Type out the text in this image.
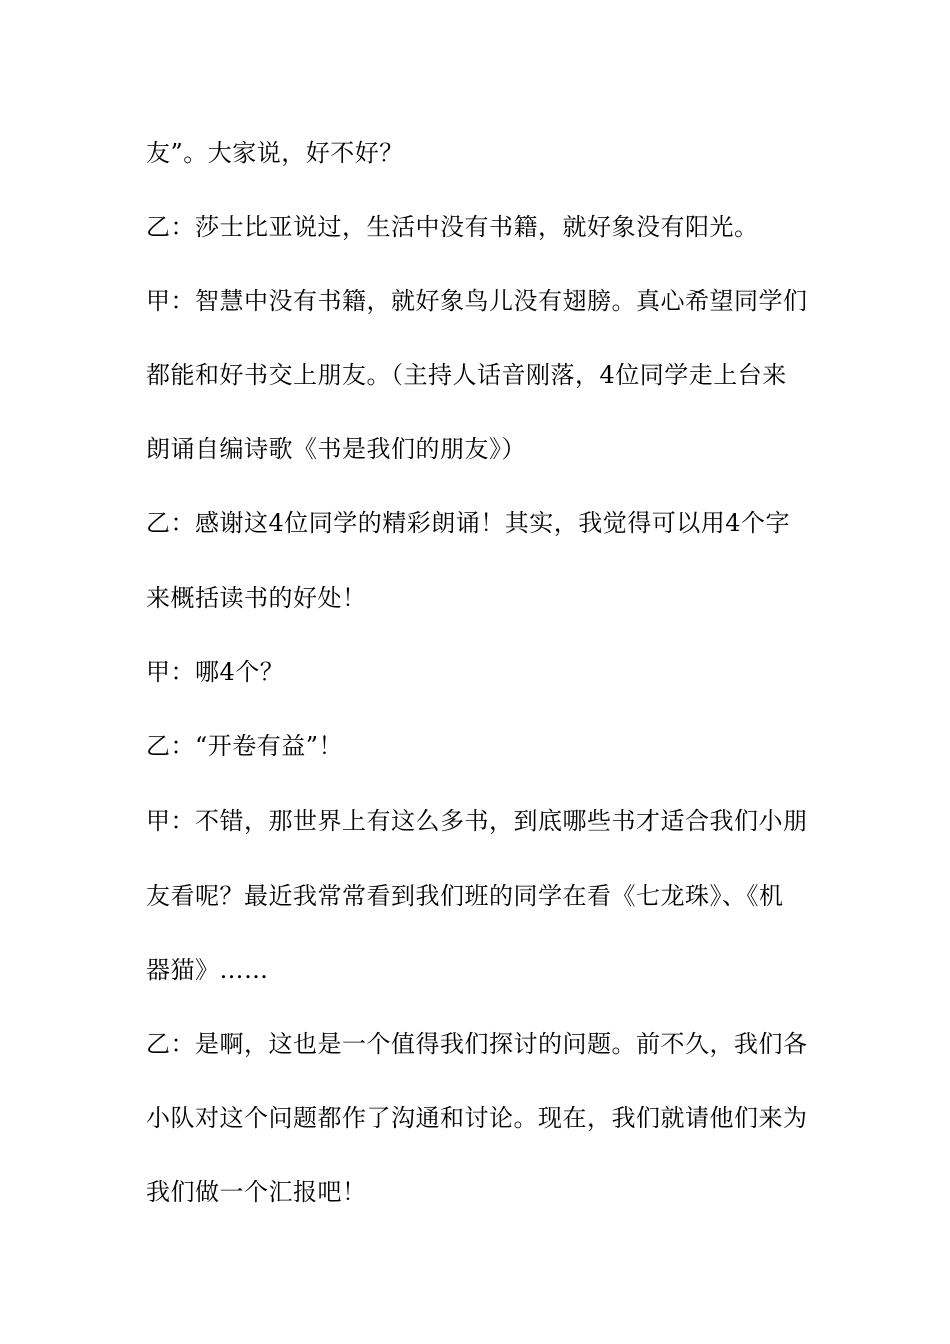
友”。大家说，好不好？
乙：莎士比亚说过，生活中没有书籍，就好象没有阳光。
甲：智慧中没有书籍，就好象鸟儿没有翅膀。真心希望同学们
都能和好书交上朋友。（主持人话音刚落，4位同学走上台来
朗诵自编诗歌《书是我们的朋友》）
乙：感谢这4位同学的精彩朗诵！其实，我觉得可以用4个字
来概括读书的好处！
甲：哪4个？
乙：“开卷有益”！
甲：不错，那世界上有这么多书，到底哪些书才适合我们小朋
友看呢？最近我常常看到我们班的同学在看《七龙珠》、《机
器猫》……
乙：是啊，这也是一个值得我们探讨的问题。前不久，我们各
小队对这个问题都作了沟通和讨论。现在，我们就请他们来为
我们做一个汇报吧！
